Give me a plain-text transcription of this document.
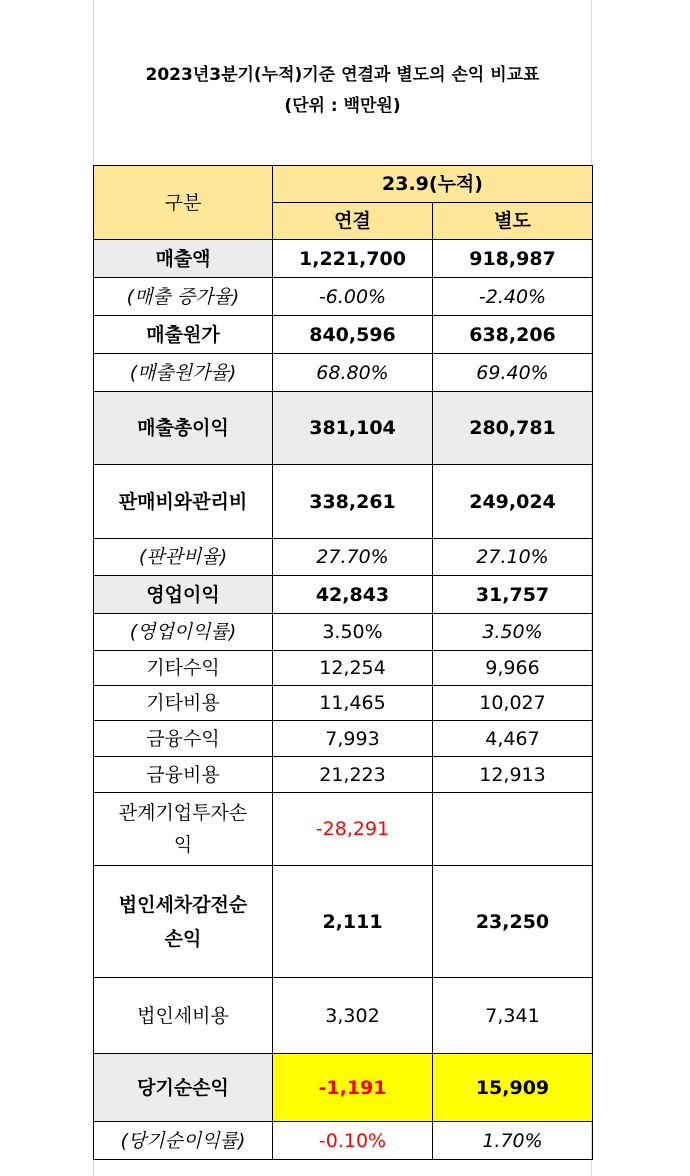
2023년3분기(누적)기준 연결과 별도의 손익 비교표
(단위 : 백만원)
구분	23.9(누적)	
	연결	별도
매출액	1,221,700	918,987
(매출 증가율)	-6.00%	-2.40%
매출원가	840,596	638,206
(매출원가율)	68.80%	69.40%
매출총이익	381,104	280,781
판매비와관리비	338,261	249,024
(판관비율)	27.70%	27.10%
영업이익	42,843	31,757
(영업이익률)	3.50%	3.50%
기타수익	12,254	9,966
기타비용	11,465	10,027
금융수익	7,993	4,467
금융비용	21,223	12,913
관계기업투자손익	-28,291	
법인세차감전순손익	2,111	23,250
법인세비용	3,302	7,341
당기순손익	-1,191	15,909
(당기순이익률)	-0.10%	1.70%
